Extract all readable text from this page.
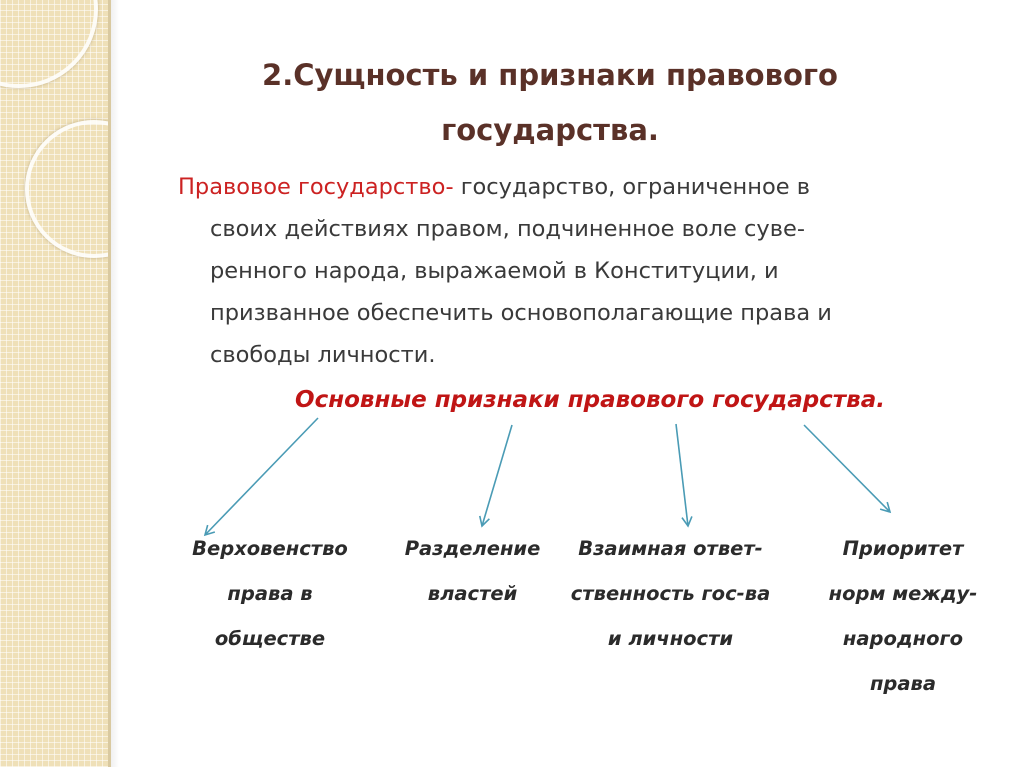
2.Сущность и признаки правового
государства.

Правовое государство- государство, ограниченное в
своих действиях правом, подчиненное воле суве-
ренного народа, выражаемой в Конституции, и
призванное обеспечить основополагающие права и
свободы личности.

Основные признаки правового государства.

Верховенство
права в
обществе
Разделение
властей
Взаимная ответ-
ственность гос-ва
и личности
Приоритет
норм между-
народного
права
